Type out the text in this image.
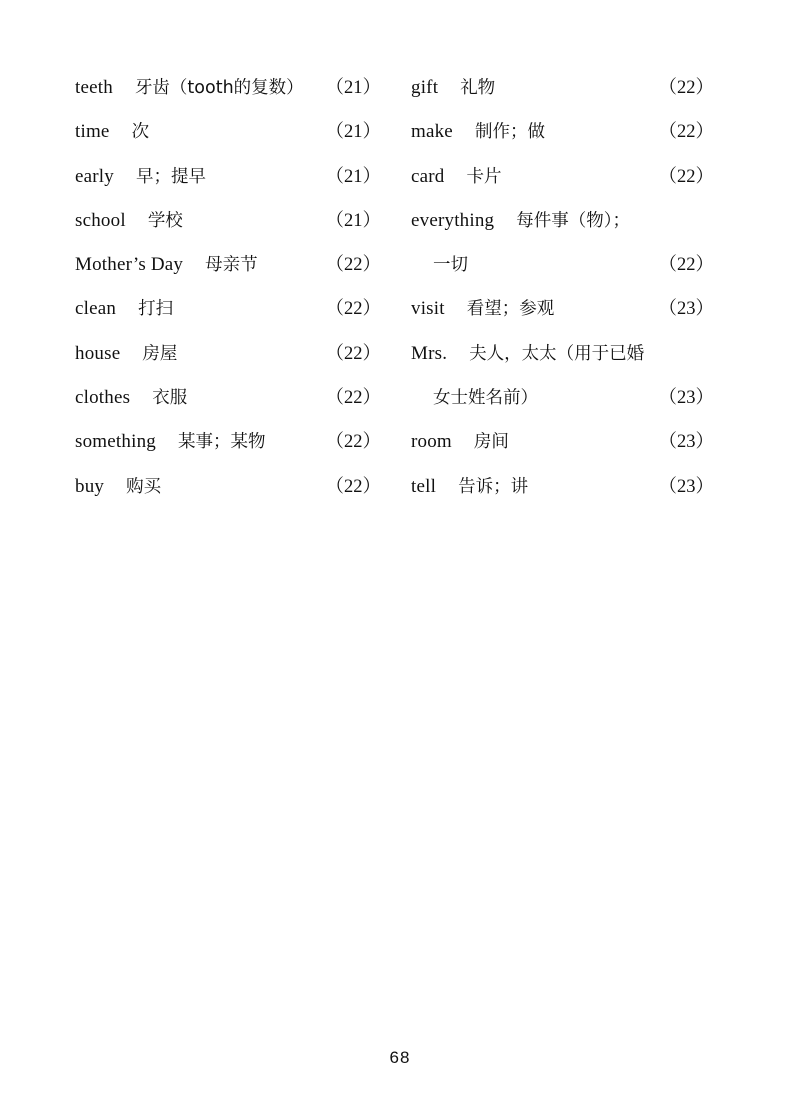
teeth 牙齿（tooth的复数） （21）
time 次	（21）
early 早；提早	（21）
school 学校	（21）
Mother’s Day 母亲节	（22）
clean 打扫	（22）
house 房屋	（22）
clothes 衣服	（22）
something 某事；某物	（22）
buy 购买	（22）
gift 礼物	（22）
make 制作；做	（22）
card 卡片	（22）
everything 每件事（物）；
一切	（22）
visit 看望；参观	（23）
Mrs. 夫人，太太（用于已婚
女士姓名前）	（23）
room 房间	（23）
tell 告诉；讲	（23）
68
